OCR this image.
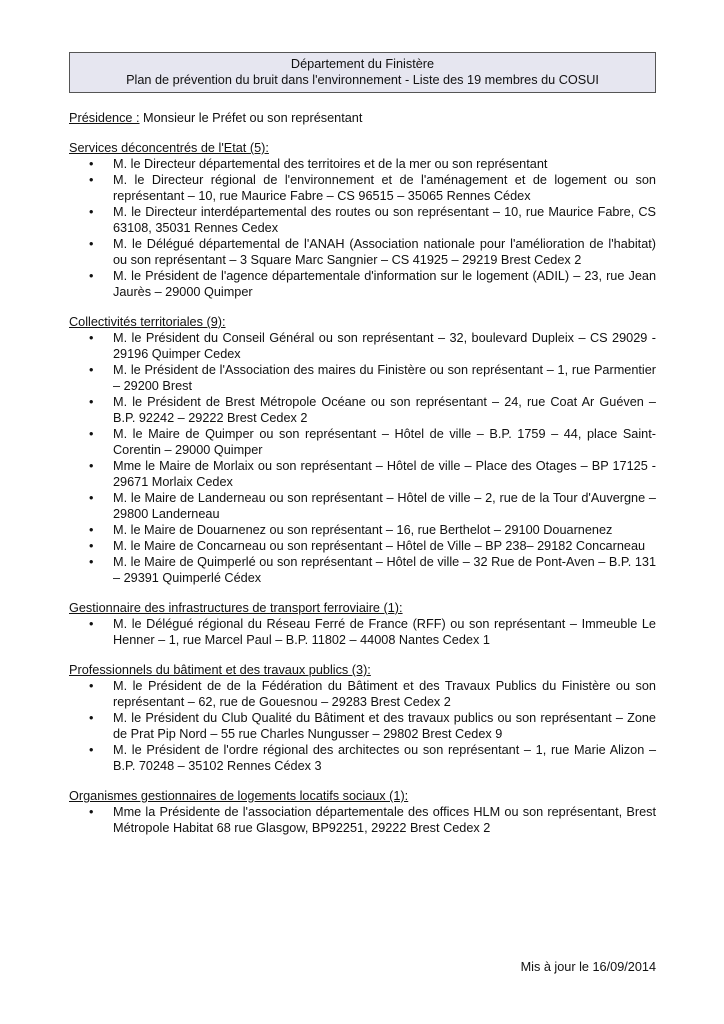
Département du Finistère
Plan de prévention du bruit dans l'environnement - Liste des 19 membres du COSUI
Présidence : Monsieur le Préfet ou son représentant
Services déconcentrés de l'Etat (5):
• M. le Directeur départemental des territoires et de la mer ou son représentant
• M. le Directeur régional de l'environnement et de l'aménagement et de logement ou son représentant – 10, rue Maurice Fabre – CS 96515 – 35065 Rennes Cédex
• M. le Directeur interdépartemental des routes ou son représentant – 10, rue Maurice Fabre, CS 63108, 35031 Rennes Cedex
• M. le Délégué départemental de l'ANAH (Association nationale pour l'amélioration de l'habitat) ou son représentant – 3 Square Marc Sangnier – CS 41925 – 29219 Brest Cedex 2
• M. le Président de l'agence départementale d'information sur le logement (ADIL) – 23, rue Jean Jaurès – 29000 Quimper
Collectivités territoriales (9):
• M. le Président du Conseil Général ou son représentant – 32, boulevard Dupleix – CS 29029 - 29196 Quimper Cedex
• M. le Président de l'Association des maires du Finistère ou son représentant – 1, rue Parmentier – 29200 Brest
• M. le Président de Brest Métropole Océane ou son représentant – 24, rue Coat Ar Guéven – B.P. 92242 – 29222 Brest Cedex 2
• M. le Maire de Quimper ou son représentant – Hôtel de ville – B.P. 1759 – 44, place Saint-Corentin – 29000 Quimper
• Mme le Maire de Morlaix ou son représentant – Hôtel de ville – Place des Otages – BP 17125 - 29671 Morlaix Cedex
• M. le Maire de Landerneau ou son représentant – Hôtel de ville – 2, rue de la Tour d'Auvergne – 29800 Landerneau
• M. le Maire de Douarnenez ou son représentant – 16, rue Berthelot – 29100 Douarnenez
• M. le Maire de Concarneau ou son représentant – Hôtel de Ville – BP 238– 29182 Concarneau
• M. le Maire de Quimperlé ou son représentant – Hôtel de ville – 32 Rue de Pont-Aven – B.P. 131 – 29391 Quimperlé Cédex
Gestionnaire des infrastructures de transport ferroviaire (1):
• M. le Délégué régional du Réseau Ferré de France (RFF) ou son représentant – Immeuble Le Henner – 1, rue Marcel Paul – B.P. 11802 – 44008 Nantes Cedex 1
Professionnels du bâtiment et des travaux publics (3):
• M. le Président de de la Fédération du Bâtiment et des Travaux Publics du Finistère ou son représentant – 62, rue de Gouesnou – 29283 Brest Cedex 2
• M. le Président du Club Qualité du Bâtiment et des travaux publics ou son représentant – Zone de Prat Pip Nord – 55 rue Charles Nungusser – 29802 Brest Cedex 9
• M. le Président de l'ordre régional des architectes ou son représentant – 1, rue Marie Alizon – B.P. 70248 – 35102 Rennes Cédex 3
Organismes gestionnaires de logements locatifs sociaux (1):
• Mme la Présidente de l'association départementale des offices HLM ou son représentant, Brest Métropole Habitat 68 rue Glasgow, BP92251, 29222 Brest Cedex 2
Mis à jour le 16/09/2014
